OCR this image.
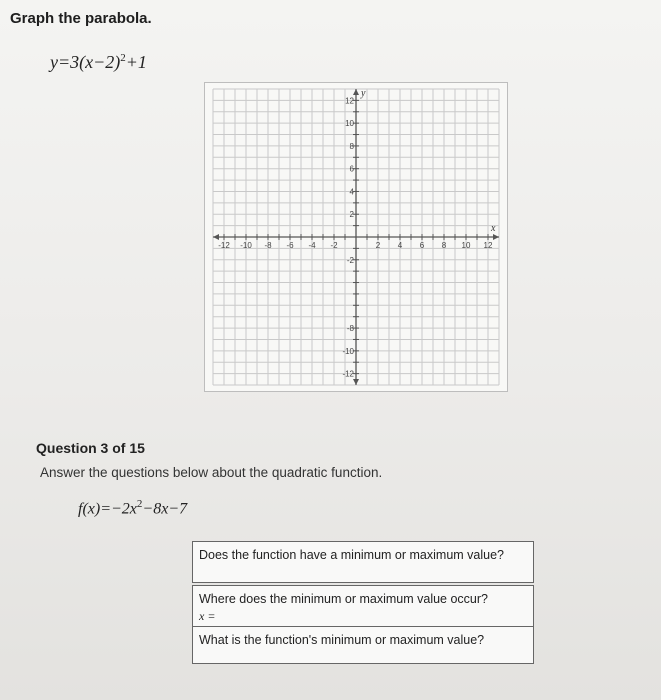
Graph the parabola.
$y=3(x-2)^2+1$
-12 -10 -8 -6 -4 -2	2 4 6 8 10 12
12
10
8
6
4
2
-2
-8
-10
-12
x
y
Question 3 of 15
Answer the questions below about the quadratic function.
$f(x)=-2x^2-8x-7$
Does the function have a minimum or maximum value?
Where does the minimum or maximum value occur?
x =
What is the function's minimum or maximum value?
